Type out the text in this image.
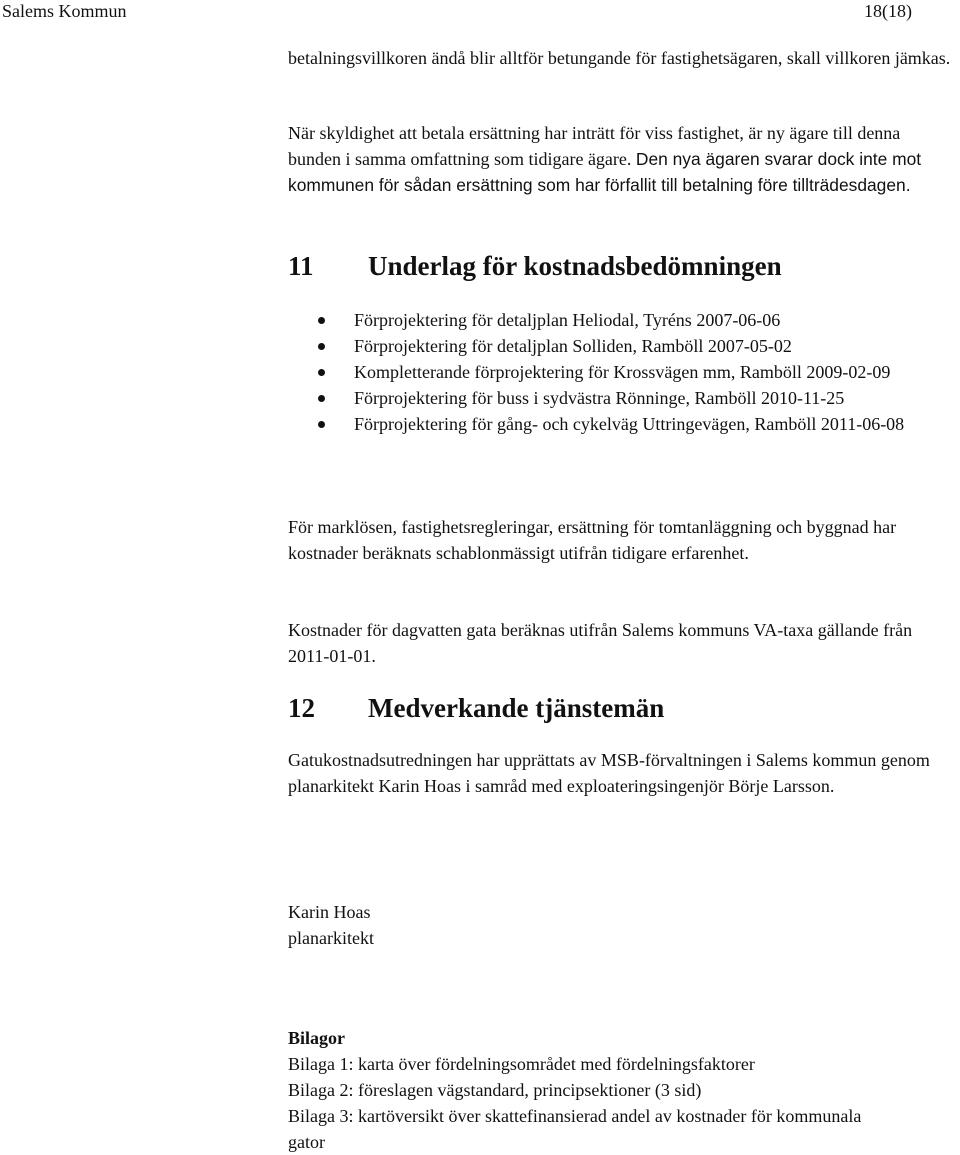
Salems Kommun	18(18)
betalningsvillkoren ändå blir alltför betungande för fastighetsägaren, skall villkoren jämkas.
När skyldighet att betala ersättning har inträtt för viss fastighet, är ny ägare till denna bunden i samma omfattning som tidigare ägare. Den nya ägaren svarar dock inte mot kommunen för sådan ersättning som har förfallit till betalning före tillträdesdagen.
11 Underlag för kostnadsbedömningen
Förprojektering för detaljplan Heliodal, Tyréns 2007-06-06
Förprojektering för detaljplan Solliden, Ramböll 2007-05-02
Kompletterande förprojektering för Krossvägen mm, Ramböll 2009-02-09
Förprojektering för buss i sydvästra Rönninge, Ramböll 2010-11-25
Förprojektering för gång- och cykelväg Uttringevägen, Ramböll 2011-06-08
För marklösen, fastighetsregleringar, ersättning för tomtanläggning och byggnad har kostnader beräknats schablonmässigt utifrån tidigare erfarenhet.
Kostnader för dagvatten gata beräknas utifrån Salems kommuns VA-taxa gällande från 2011-01-01.
12 Medverkande tjänstemän
Gatukostnadsutredningen har upprättats av MSB-förvaltningen i Salems kommun genom planarkitekt Karin Hoas i samråd med exploateringsingenjör Börje Larsson.
Karin Hoas
planarkitekt
Bilagor
Bilaga 1: karta över fördelningsområdet med fördelningsfaktorer
Bilaga 2: föreslagen vägstandard, principsektioner (3 sid)
Bilaga 3: kartöversikt över skattefinansierad andel av kostnader för kommunala gator
